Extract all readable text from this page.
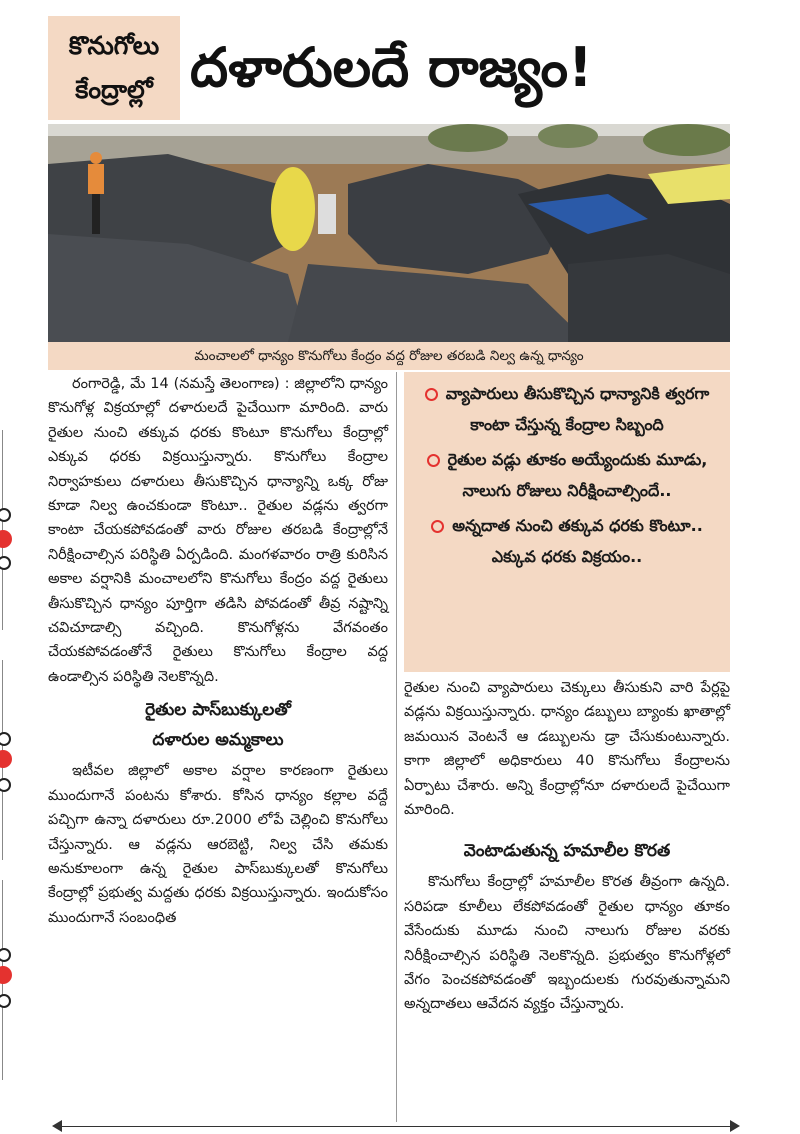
కొనుగోలు
కేంద్రాల్లో దళారులదే రాజ్యం!
మంచాలలో ధాన్యం కొనుగోలు కేంద్రం వద్ద రోజుల తరబడి నిల్వ ఉన్న ధాన్యం

రంగారెడ్డి, మే 14 (నమస్తే తెలంగాణ) : జిల్లాలోని ధాన్యం కొనుగోళ్ల విక్రయాల్లో దళారులదే పైచేయిగా మారింది. వారు రైతుల నుంచి తక్కువ ధరకు కొంటూ కొనుగోలు కేంద్రాల్లో ఎక్కువ ధరకు విక్రయిస్తున్నారు. కొనుగోలు కేంద్రాల నిర్వాహకులు దళారులు తీసుకొచ్చిన ధాన్యాన్ని ఒక్క రోజు కూడా నిల్వ ఉంచకుండా కొంటూ.. రైతుల వడ్లను త్వరగా కాంటా చేయకపోవడంతో వారు రోజుల తరబడి కేంద్రాల్లోనే నిరీక్షించాల్సిన పరిస్థితి ఏర్పడింది. మంగళవారం రాత్రి కురిసిన అకాల వర్షానికి మంచాలలోని కొనుగోలు కేంద్రం వద్ద రైతులు తీసుకొచ్చిన ధాన్యం పూర్తిగా తడిసి పోవడంతో తీవ్ర నష్టాన్ని చవిచూడాల్సి వచ్చింది. కొనుగోళ్లను వేగవంతం చేయకపోవడంతోనే రైతులు కొనుగోలు కేంద్రాల వద్ద ఉండాల్సిన పరిస్థితి నెలకొన్నది.

రైతుల పాస్‌బుక్కులతో
దళారుల అమ్మకాలు

ఇటీవల జిల్లాలో అకాల వర్షాల కారణంగా రైతులు ముందుగానే పంటను కోశారు. కోసిన ధాన్యం కల్లాల వద్దే పచ్చిగా ఉన్నా దళారులు రూ.2000 లోపే చెల్లించి కొనుగోలు చేస్తున్నారు. ఆ వడ్లను ఆరబెట్టి, నిల్వ చేసి తమకు అనుకూలంగా ఉన్న రైతుల పాస్‌బుక్కులతో కొనుగోలు కేంద్రాల్లో ప్రభుత్వ మద్దతు ధరకు విక్రయిస్తున్నారు. ఇందుకోసం ముందుగానే సంబంధిత

వ్యాపారులు తీసుకొచ్చిన ధాన్యానికి త్వరగా కాంటా చేస్తున్న కేంద్రాల సిబ్బంది
రైతుల వడ్లు తూకం అయ్యేందుకు మూడు, నాలుగు రోజులు నిరీక్షించాల్సిందే..
అన్నదాత నుంచి తక్కువ ధరకు కొంటూ.. ఎక్కువ ధరకు విక్రయం..

రైతుల నుంచి వ్యాపారులు చెక్కులు తీసుకుని వారి పేర్లపై వడ్లను విక్రయిస్తున్నారు. ధాన్యం డబ్బులు బ్యాంకు ఖాతాల్లో జమయిన వెంటనే ఆ డబ్బులను డ్రా చేసుకుంటున్నారు. కాగా జిల్లాలో అధికారులు 40 కొనుగోలు కేంద్రాలను ఏర్పాటు చేశారు. అన్ని కేంద్రాల్లోనూ దళారులదే పైచేయిగా మారింది.

వెంటాడుతున్న హమాలీల కొరత

కొనుగోలు కేంద్రాల్లో హమాలీల కొరత తీవ్రంగా ఉన్నది. సరిపడా కూలీలు లేకపోవడంతో రైతుల ధాన్యం తూకం వేసేందుకు మూడు నుంచి నాలుగు రోజుల వరకు నిరీక్షించాల్సిన పరిస్థితి నెలకొన్నది. ప్రభుత్వం కొనుగోళ్లలో వేగం పెంచకపోవడంతో ఇబ్బందులకు గురవుతున్నామని అన్నదాతలు ఆవేదన వ్యక్తం చేస్తున్నారు.
